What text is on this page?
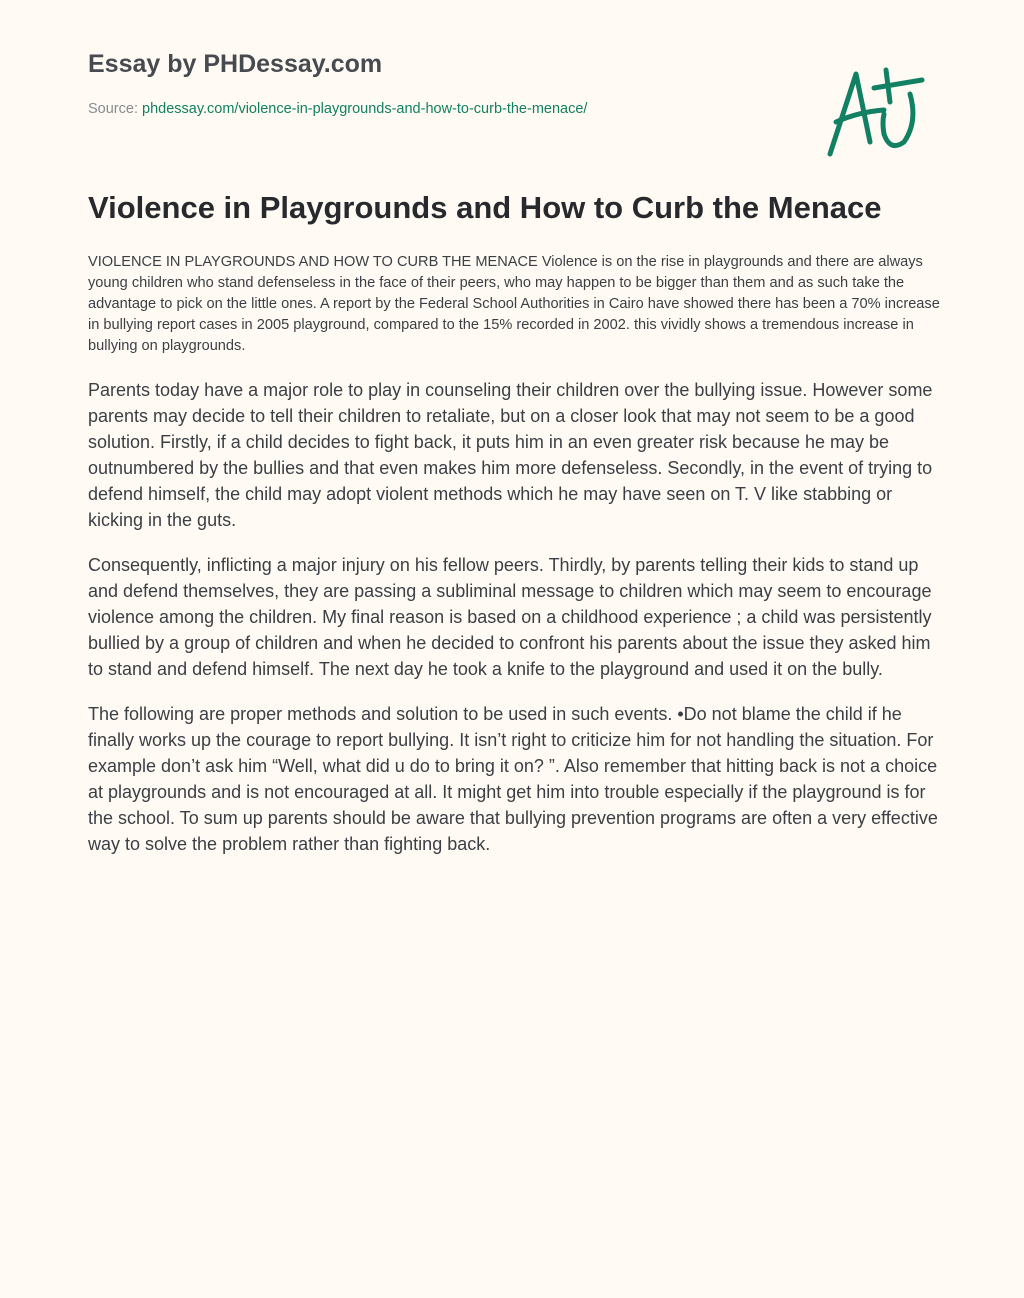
Essay by PHDessay.com
Source: phdessay.com/violence-in-playgrounds-and-how-to-curb-the-menace/
Violence in Playgrounds and How to Curb the Menace

VIOLENCE IN PLAYGROUNDS AND HOW TO CURB THE MENACE Violence is on the rise in playgrounds and there are always young children who stand defenseless in the face of their peers, who may happen to be bigger than them and as such take the advantage to pick on the little ones. A report by the Federal School Authorities in Cairo have showed there has been a 70% increase in bullying report cases in 2005 playground, compared to the 15% recorded in 2002. this vividly shows a tremendous increase in bullying on playgrounds.

Parents today have a major role to play in counseling their children over the bullying issue. However some parents may decide to tell their children to retaliate, but on a closer look that may not seem to be a good solution. Firstly, if a child decides to fight back, it puts him in an even greater risk because he may be outnumbered by the bullies and that even makes him more defenseless. Secondly, in the event of trying to defend himself, the child may adopt violent methods which he may have seen on T. V like stabbing or kicking in the guts.

Consequently, inflicting a major injury on his fellow peers. Thirdly, by parents telling their kids to stand up and defend themselves, they are passing a subliminal message to children which may seem to encourage violence among the children. My final reason is based on a childhood experience ; a child was persistently bullied by a group of children and when he decided to confront his parents about the issue they asked him to stand and defend himself. The next day he took a knife to the playground and used it on the bully.

The following are proper methods and solution to be used in such events. •Do not blame the child if he finally works up the courage to report bullying. It isn’t right to criticize him for not handling the situation. For example don’t ask him “Well, what did u do to bring it on? ”. Also remember that hitting back is not a choice at playgrounds and is not encouraged at all. It might get him into trouble especially if the playground is for the school. To sum up parents should be aware that bullying prevention programs are often a very effective way to solve the problem rather than fighting back.
